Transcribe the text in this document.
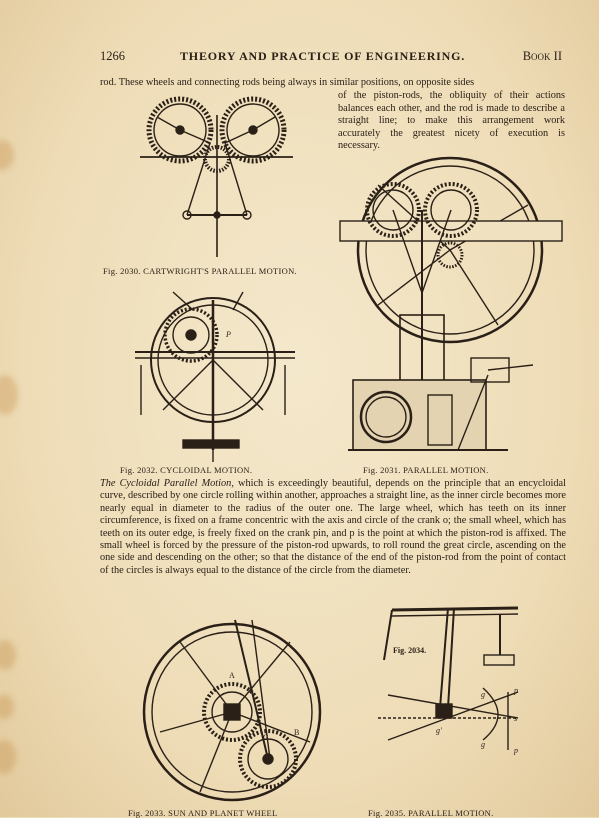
1266	THEORY AND PRACTICE OF ENGINEERING.	Book II
rod. These wheels and connecting rods being always in similar positions, on opposite sides
of the piston-rods, the obliquity of their actions balances each other, and the rod is made to describe a straight line; to make this arrangement work accurately the greatest nicety of execution is necessary.
Fig. 2030. CARTWRIGHT'S PARALLEL MOTION.
Fig. 2031. PARALLEL MOTION.
P
Fig. 2032. CYCLOIDAL MOTION.
The Cycloidal Parallel Motion, which is exceedingly beautiful, depends on the principle that an encycloidal curve, described by one circle rolling within another, approaches a straight line, as the inner circle becomes more nearly equal in diameter to the radius of the outer one. The large wheel, which has teeth on its inner circumference, is fixed on a frame concentric with the axis and circle of the crank o; the small wheel, which has teeth on its outer edge, is freely fixed on the crank pin, and p is the point at which the piston-rod is affixed. The small wheel is forced by the pressure of the piston-rod upwards, to roll round the great circle, ascending on the one side and descending on the other; so that the distance of the end of the piston-rod from the point of contact of the circles is always equal to the distance of the circle from the diameter.
A
B
C
Fig. 2033. SUN AND PLANET WHEEL
Fig. 2034.
g
g
g'
p
p
s
Fig. 2035. PARALLEL MOTION.
